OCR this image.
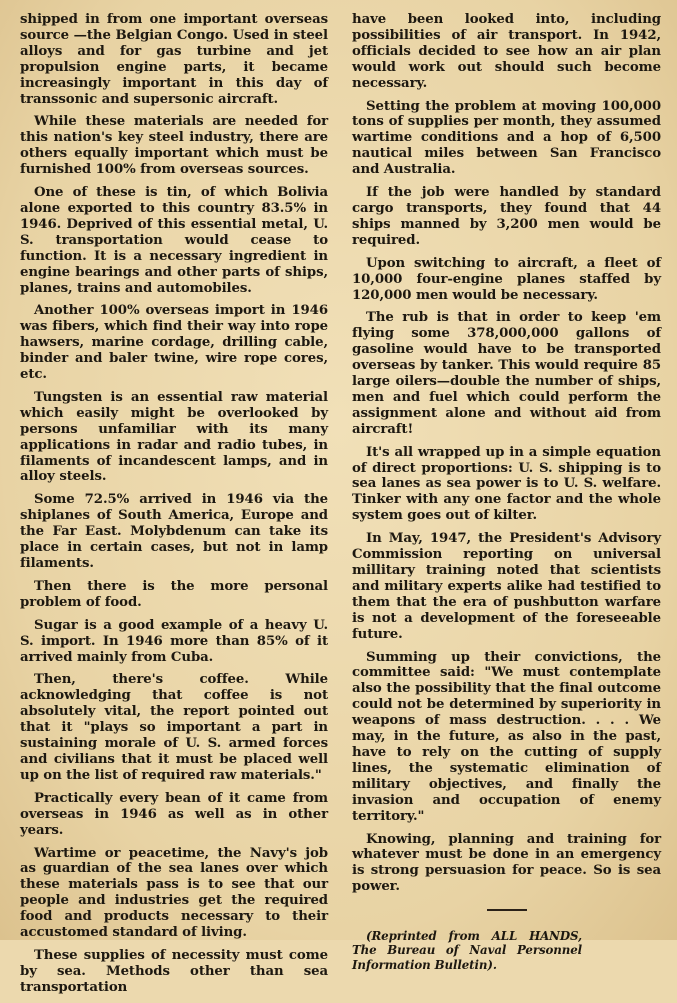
shipped in from one important overseas source —the Belgian Congo. Used in steel alloys and for gas turbine and jet propulsion engine parts, it became increasingly important in this day of transsonic and supersonic aircraft.

While these materials are needed for this nation's key steel industry, there are others equally important which must be furnished 100% from overseas sources.

One of these is tin, of which Bolivia alone exported to this country 83.5% in 1946. Deprived of this essential metal, U. S. transportation would cease to function. It is a necessary ingredient in engine bearings and other parts of ships, planes, trains and automobiles.

Another 100% overseas import in 1946 was fibers, which find their way into rope hawsers, marine cordage, drilling cable, binder and baler twine, wire rope cores, etc.

Tungsten is an essential raw material which easily might be overlooked by persons unfamiliar with its many applications in radar and radio tubes, in filaments of incandescent lamps, and in alloy steels.

Some 72.5% arrived in 1946 via the shiplanes of South America, Europe and the Far East. Molybdenum can take its place in certain cases, but not in lamp filaments.

Then there is the more personal problem of food.

Sugar is a good example of a heavy U. S. import. In 1946 more than 85% of it arrived mainly from Cuba.

Then, there's coffee. While acknowledging that coffee is not absolutely vital, the report pointed out that it "plays so important a part in sustaining morale of U. S. armed forces and civilians that it must be placed well up on the list of required raw materials."

Practically every bean of it came from overseas in 1946 as well as in other years.

Wartime or peacetime, the Navy's job as guardian of the sea lanes over which these materials pass is to see that our people and industries get the required food and products necessary to their accustomed standard of living.

These supplies of necessity must come by sea. Methods other than sea transportation

have been looked into, including possibilities of air transport. In 1942, officials decided to see how an air plan would work out should such become necessary.

Setting the problem at moving 100,000 tons of supplies per month, they assumed wartime conditions and a hop of 6,500 nautical miles between San Francisco and Australia.

If the job were handled by standard cargo transports, they found that 44 ships manned by 3,200 men would be required.

Upon switching to aircraft, a fleet of 10,000 four-engine planes staffed by 120,000 men would be necessary.

The rub is that in order to keep 'em flying some 378,000,000 gallons of gasoline would have to be transported overseas by tanker. This would require 85 large oilers—double the number of ships, men and fuel which could perform the assignment alone and without aid from aircraft!

It's all wrapped up in a simple equation of direct proportions: U. S. shipping is to sea lanes as sea power is to U. S. welfare. Tinker with any one factor and the whole system goes out of kilter.

In May, 1947, the President's Advisory Commission reporting on universal millitary training noted that scientists and military experts alike had testified to them that the era of pushbutton warfare is not a development of the foreseeable future.

Summing up their convictions, the committee said: "We must contemplate also the possibility that the final outcome could not be determined by superiority in weapons of mass destruction. . . . We may, in the future, as also in the past, have to rely on the cutting of supply lines, the systematic elimination of military objectives, and finally the invasion and occupation of enemy territory."

Knowing, planning and training for whatever must be done in an emergency is strong persuasion for peace. So is sea power.

(Reprinted from ALL HANDS, The Bureau of Naval Personnel Information Bulletin).
